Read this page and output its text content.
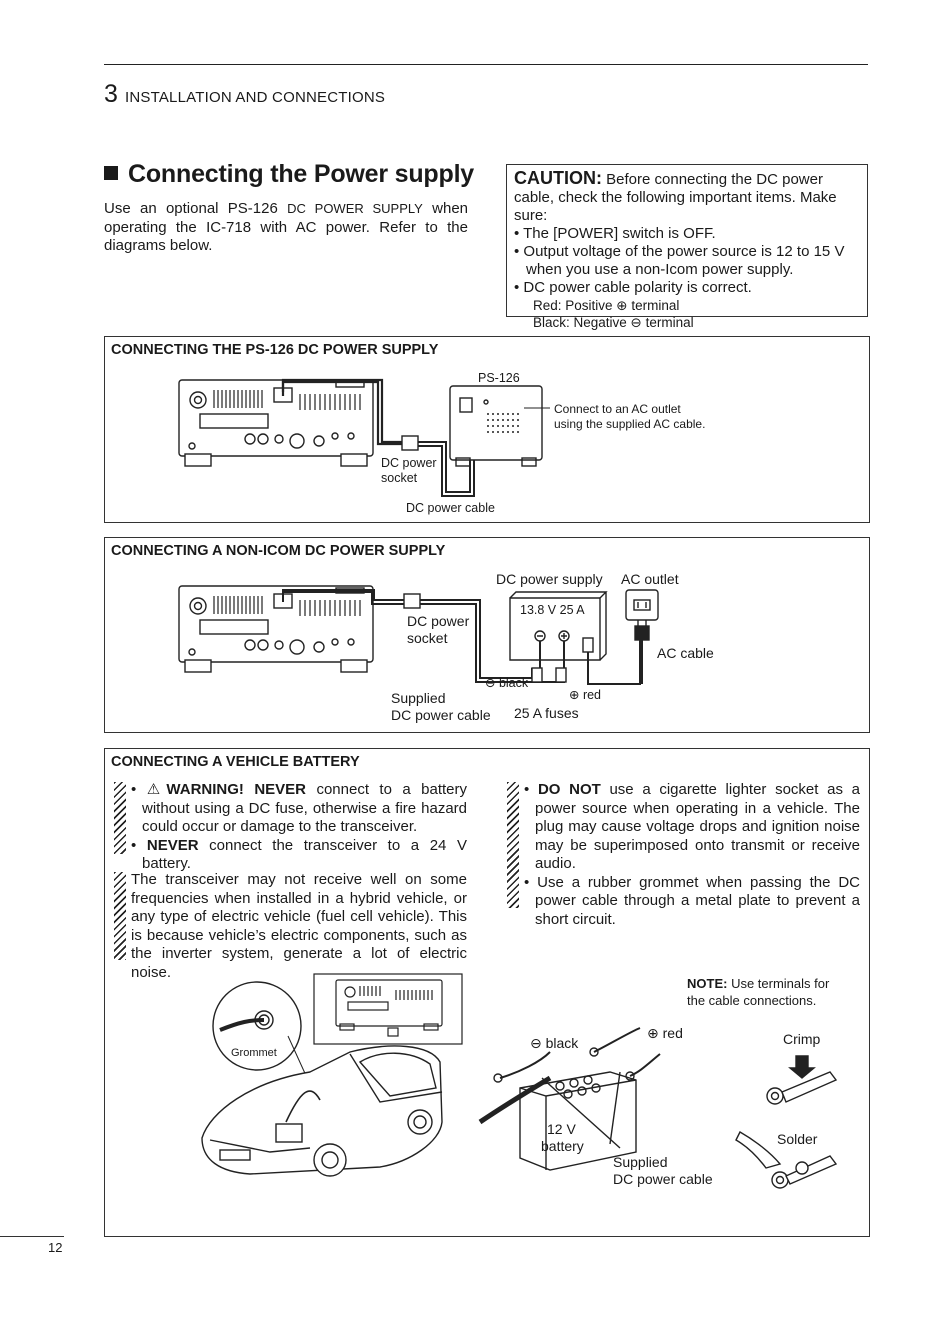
3 INSTALLATION AND CONNECTIONS
Connecting the Power supply
Use an optional PS-126 DC POWER SUPPLY when operating the IC-718 with AC power. Refer to the diagrams below.
CAUTION: Before connecting the DC power cable, check the following important items. Make sure:
• The [POWER] switch is OFF.
• Output voltage of the power source is 12 to 15 V when you use a non-Icom power supply.
• DC power cable polarity is correct.
Red: Positive ⊕ terminal
Black: Negative ⊖ terminal
CONNECTING THE PS-126 DC POWER SUPPLY
PS-126
Connect to an AC outlet
using the supplied AC cable.
DC power
socket
DC power cable
CONNECTING A NON-ICOM DC POWER SUPPLY
DC power supply AC outlet
13.8 V 25 A
DC power
socket
AC cable
⊖ black
⊕ red
Supplied
DC power cable 25 A fuses
CONNECTING A VEHICLE BATTERY
• ⚠WARNING! NEVER connect to a battery without using a DC fuse, otherwise a fire hazard could occur or damage to the transceiver.
• NEVER connect the transceiver to a 24 V battery.
The transceiver may not receive well on some frequencies when installed in a hybrid vehicle, or any type of electric vehicle (fuel cell vehicle). This is because vehicle’s electric components, such as the inverter system, generate a lot of electric noise.
• DO NOT use a cigarette lighter socket as a power source when operating in a vehicle. The plug may cause voltage drops and ignition noise may be superimposed onto transmit or receive audio.
• Use a rubber grommet when passing the DC power cable through a metal plate to prevent a short circuit.
NOTE: Use terminals for
the cable connections.
Grommet
⊖ black
⊕ red	Crimp
Solder
12 V
battery
Supplied
DC power cable
12
